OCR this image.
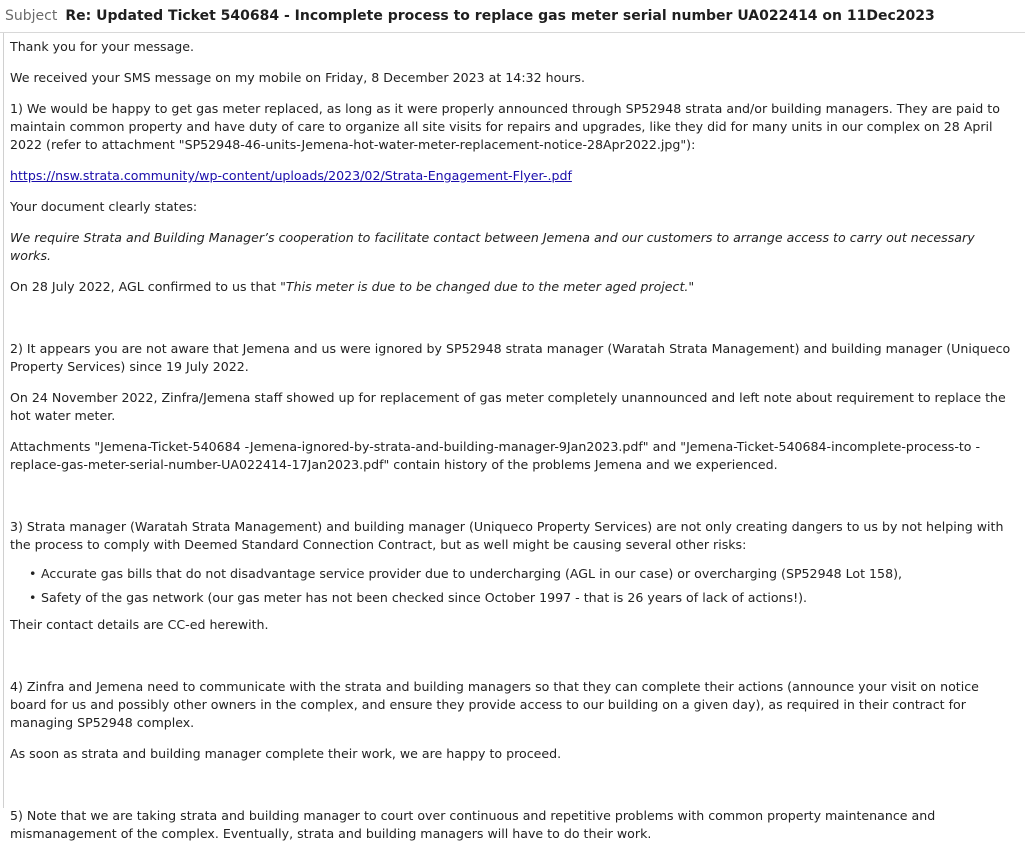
Subject Re: Updated Ticket 540684 - Incomplete process to replace gas meter serial number UA022414 on 11Dec2023

Thank you for your message.

We received your SMS message on my mobile on Friday, 8 December 2023 at 14:32 hours.

1) We would be happy to get gas meter replaced, as long as it were properly announced through SP52948 strata and/or building managers. They are paid to maintain common property and have duty of care to organize all site visits for repairs and upgrades, like they did for many units in our complex on 28 April 2022 (refer to attachment "SP52948-46-units-Jemena-hot-water-meter-replacement-notice-28Apr2022.jpg"):

https://nsw.strata.community/wp-content/uploads/2023/02/Strata-Engagement-Flyer-.pdf

Your document clearly states:

We require Strata and Building Manager’s cooperation to facilitate contact between Jemena and our customers to arrange access to carry out necessary works.

On 28 July 2022, AGL confirmed to us that "This meter is due to be changed due to the meter aged project."

2) It appears you are not aware that Jemena and us were ignored by SP52948 strata manager (Waratah Strata Management) and building manager (Uniqueco Property Services) since 19 July 2022.

On 24 November 2022, Zinfra/Jemena staff showed up for replacement of gas meter completely unannounced and left note about requirement to replace the hot water meter.

Attachments "Jemena-Ticket-540684 -Jemena-ignored-by-strata-and-building-manager-9Jan2023.pdf" and "Jemena-Ticket-540684-incomplete-process-to -replace-gas-meter-serial-number-UA022414-17Jan2023.pdf" contain history of the problems Jemena and we experienced.

3) Strata manager (Waratah Strata Management) and building manager (Uniqueco Property Services) are not only creating dangers to us by not helping with the process to comply with Deemed Standard Connection Contract, but as well might be causing several other risks:

• Accurate gas bills that do not disadvantage service provider due to undercharging (AGL in our case) or overcharging (SP52948 Lot 158),
• Safety of the gas network (our gas meter has not been checked since October 1997 - that is 26 years of lack of actions!).

Their contact details are CC-ed herewith.

4) Zinfra and Jemena need to communicate with the strata and building managers so that they can complete their actions (announce your visit on notice board for us and possibly other owners in the complex, and ensure they provide access to our building on a given day), as required in their contract for managing SP52948 complex.

As soon as strata and building manager complete their work, we are happy to proceed.

5) Note that we are taking strata and building manager to court over continuous and repetitive problems with common property maintenance and mismanagement of the complex. Eventually, strata and building managers will have to do their work.
